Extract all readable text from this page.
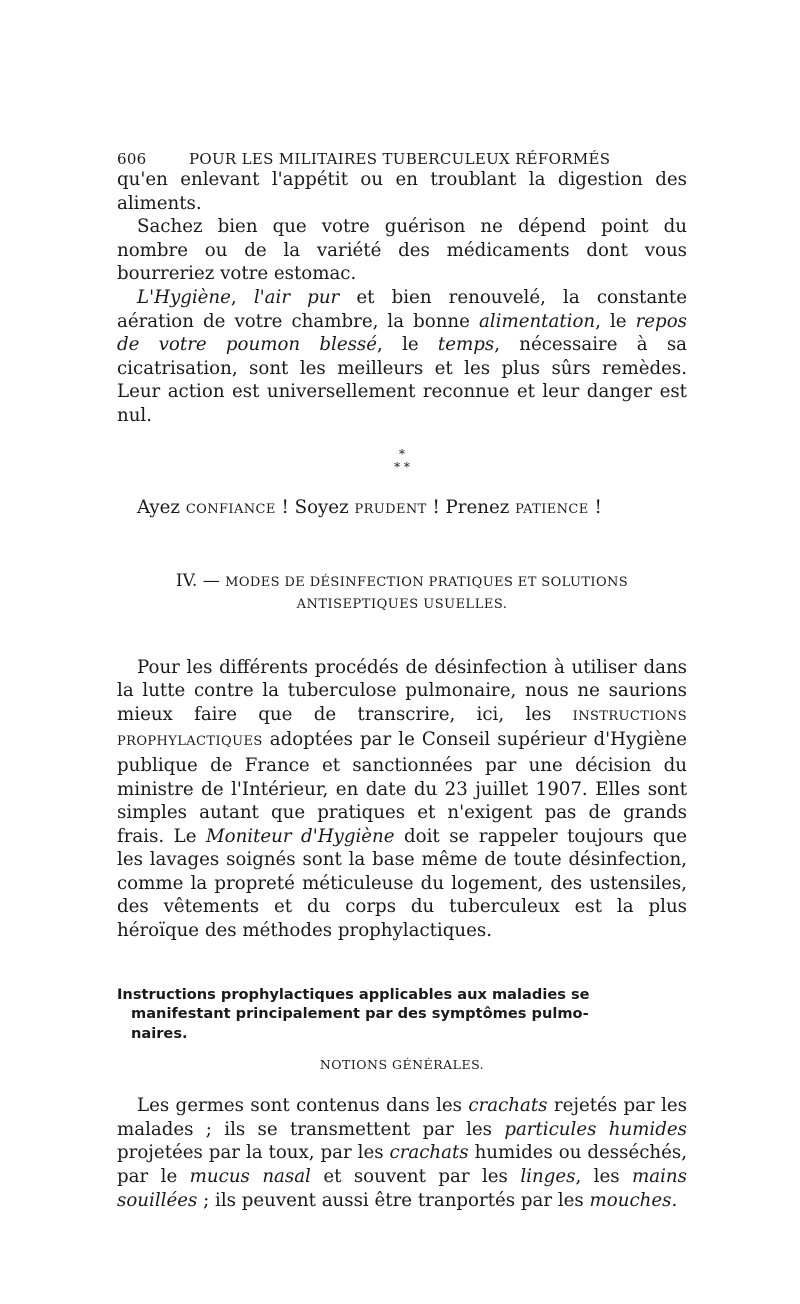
606	POUR LES MILITAIRES TUBERCULEUX RÉFORMÉS

qu'en enlevant l'appétit ou en troublant la digestion des aliments.

Sachez bien que votre guérison ne dépend point du nombre ou de la variété des médicaments dont vous bourreriez votre estomac.

L'Hygiène, l'air pur et bien renouvelé, la constante aération de votre chambre, la bonne alimentation, le repos de votre poumon blessé, le temps, nécessaire à sa cicatrisation, sont les meilleurs et les plus sûrs remèdes. Leur action est universellement reconnue et leur danger est nul.

*
* *

Ayez CONFIANCE ! Soyez PRUDENT ! Prenez PATIENCE !

IV. — MODES DE DÉSINFECTION PRATIQUES ET SOLUTIONS
ANTISEPTIQUES USUELLES.

Pour les différents procédés de désinfection à utiliser dans la lutte contre la tuberculose pulmonaire, nous ne saurions mieux faire que de transcrire, ici, les INSTRUCTIONS PROPHYLACTIQUES adoptées par le Conseil supérieur d'Hygiène publique de France et sanctionnées par une décision du ministre de l'Intérieur, en date du 23 juillet 1907. Elles sont simples autant que pratiques et n'exigent pas de grands frais. Le Moniteur d'Hygiène doit se rappeler toujours que les lavages soignés sont la base même de toute désinfection, comme la propreté méticuleuse du logement, des ustensiles, des vêtements et du corps du tuberculeux est la plus héroïque des méthodes prophylactiques.

Instructions prophylactiques applicables aux maladies se
manifestant principalement par des symptômes pulmo-
naires.
NOTIONS GÉNÉRALES.

Les germes sont contenus dans les crachats rejetés par les malades ; ils se transmettent par les particules humides projetées par la toux, par les crachats humides ou desséchés, par le mucus nasal et souvent par les linges, les mains souillées ; ils peuvent aussi être tranportés par les mouches.
